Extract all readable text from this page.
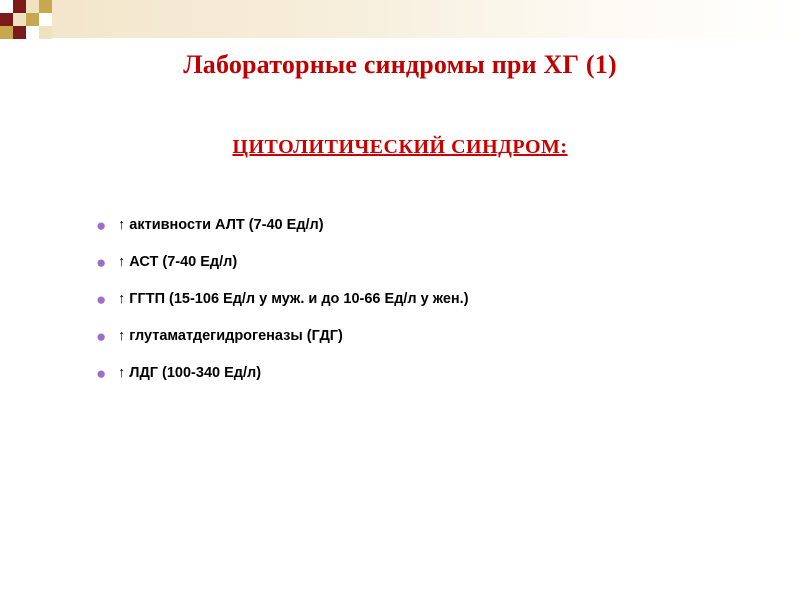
Лабораторные синдромы при ХГ (1)
ЦИТОЛИТИЧЕСКИЙ СИНДРОМ:
● ↑ активности АЛТ (7-40 Ед/л)
● ↑ АСТ (7-40 Ед/л)
● ↑ ГГТП (15-106 Ед/л у муж. и до 10-66 Ед/л у жен.)
● ↑ глутаматдегидрогеназы (ГДГ)
● ↑ ЛДГ (100-340 Ед/л)
